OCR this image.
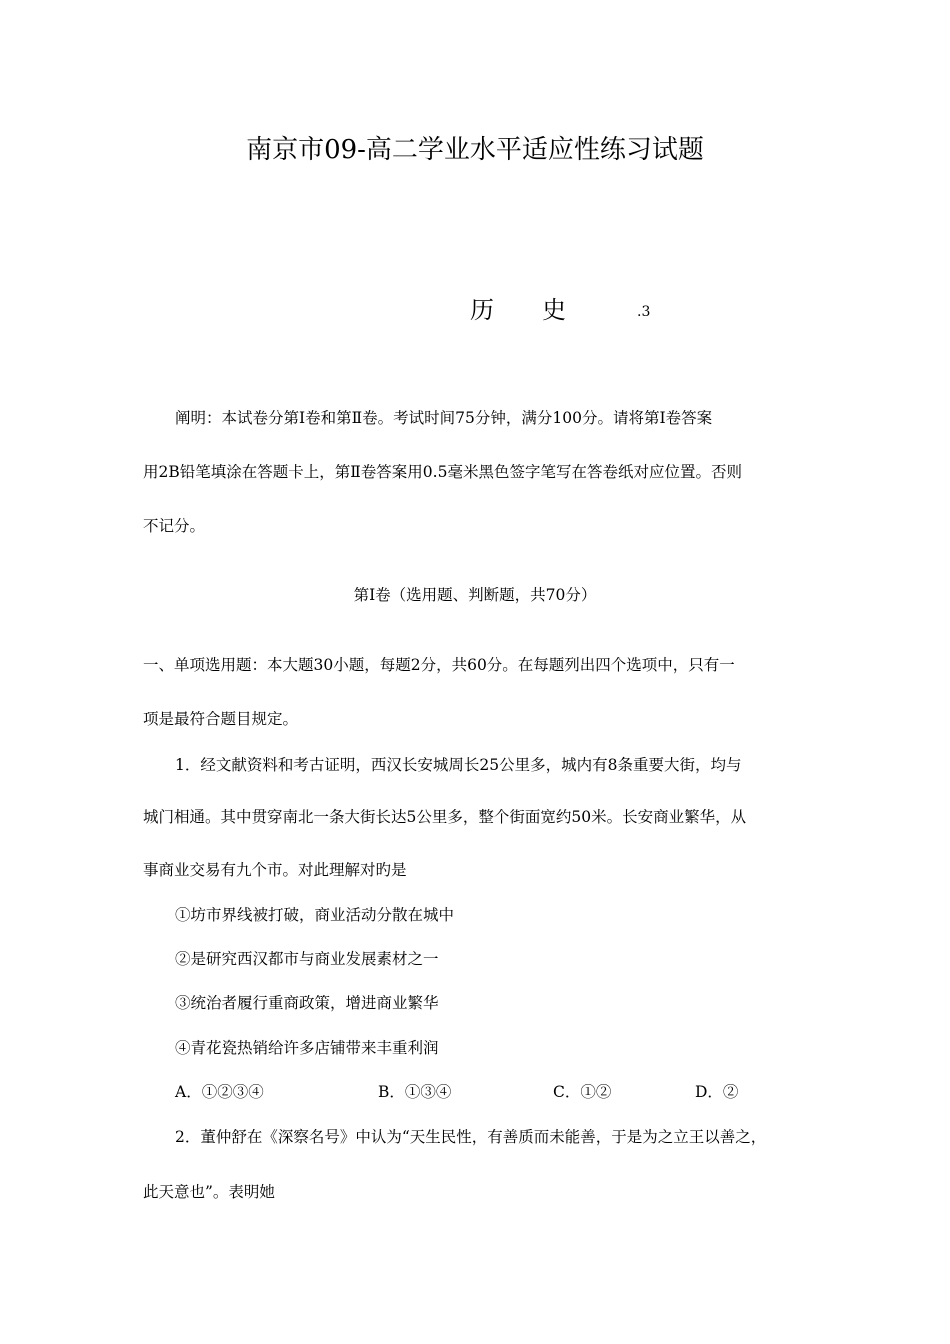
南京市09-高二学业水平适应性练习试题
历 史	.3
阐明：本试卷分第Ⅰ卷和第Ⅱ卷。考试时间75分钟，满分100分。请将第Ⅰ卷答案
用2B铅笔填涂在答题卡上，第Ⅱ卷答案用0.5毫米黑色签字笔写在答卷纸对应位置。否则
不记分。
第Ⅰ卷（选用题、判断题，共70分）
一、单项选用题：本大题30小题，每题2分，共60分。在每题列出四个选项中，只有一
项是最符合题目规定。
1．经文献资料和考古证明，西汉长安城周长25公里多，城内有8条重要大街，均与
城门相通。其中贯穿南北一条大街长达5公里多，整个街面宽约50米。长安商业繁华，从
事商业交易有九个市。对此理解对旳是
①坊市界线被打破，商业活动分散在城中
②是研究西汉都市与商业发展素材之一
③统治者履行重商政策，增进商业繁华
④青花瓷热销给许多店铺带来丰重利润
A．①②③④	B．①③④	C．①②	D．②
2．董仲舒在《深察名号》中认为“天生民性，有善质而未能善，于是为之立王以善之，
此天意也”。表明她
